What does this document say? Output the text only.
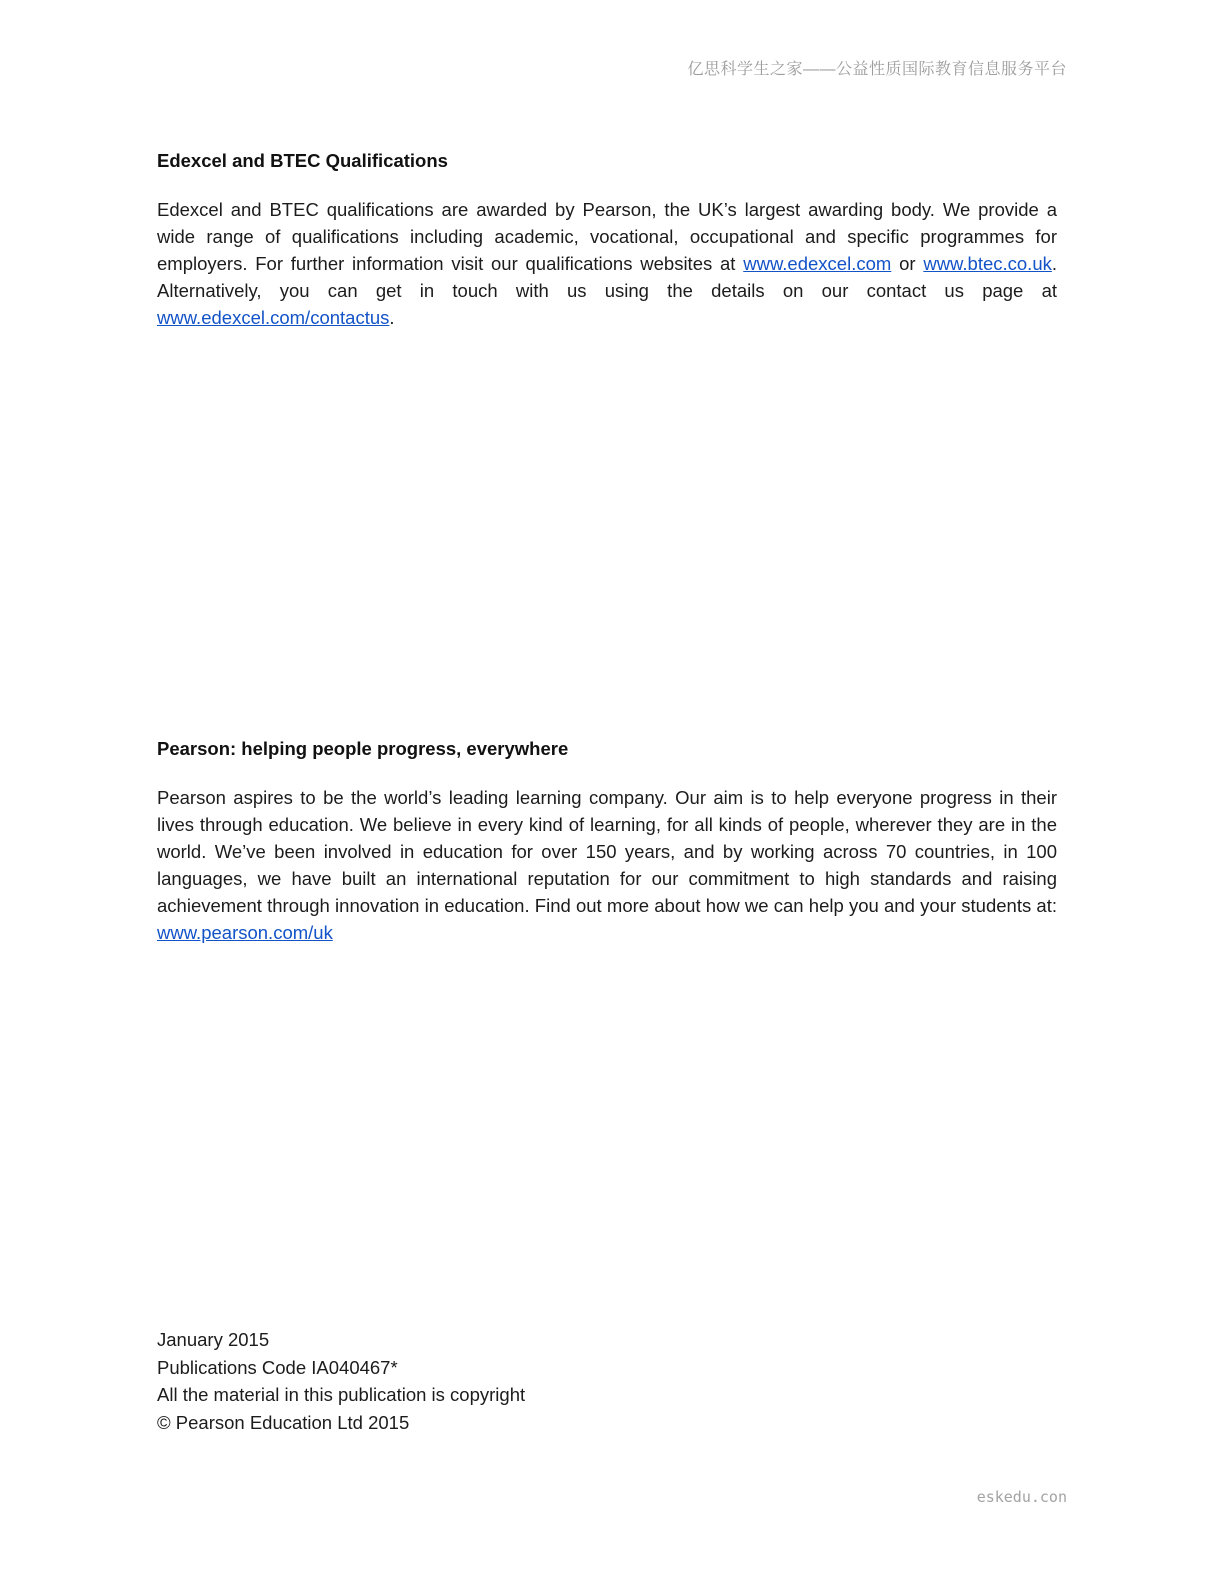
亿思科学生之家——公益性质国际教育信息服务平台
Edexcel and BTEC Qualifications

Edexcel and BTEC qualifications are awarded by Pearson, the UK’s largest awarding body. We provide a wide range of qualifications including academic, vocational, occupational and specific programmes for employers. For further information visit our qualifications websites at www.edexcel.com or www.btec.co.uk. Alternatively, you can get in touch with us using the details on our contact us page at www.edexcel.com/contactus.

Pearson: helping people progress, everywhere

Pearson aspires to be the world’s leading learning company. Our aim is to help everyone progress in their lives through education. We believe in every kind of learning, for all kinds of people, wherever they are in the world. We’ve been involved in education for over 150 years, and by working across 70 countries, in 100 languages, we have built an international reputation for our commitment to high standards and raising achievement through innovation in education. Find out more about how we can help you and your students at: www.pearson.com/uk

January 2015
Publications Code IA040467*
All the material in this publication is copyright
© Pearson Education Ltd 2015
eskedu.con
